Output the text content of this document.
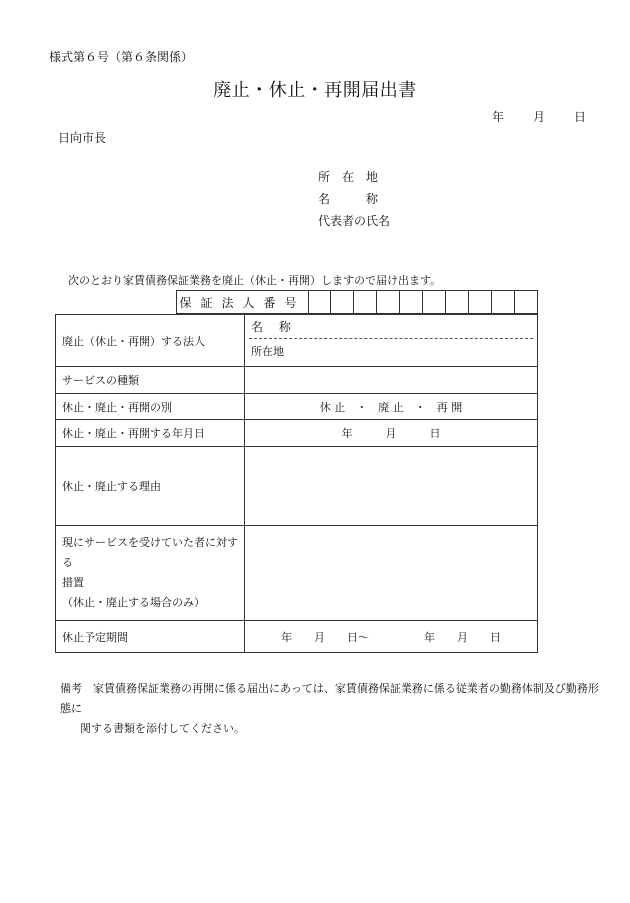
様式第６号（第６条関係）
廃止・休止・再開届出書
年 月 日
日向市長
所　在　地
名　　　称
代表者の氏名
次のとおり家賃債務保証業務を廃止（休止・再開）しますので届け出ます。
保証法人番号
廃止（休止・再開）する法人	名 称
所在地

サービスの種類	
休止・廃止・再開の別	休 止　・　廃 止　・　再 開
休止・廃止・再開する年月日	年　　　月　　　日
休止・廃止する理由	

現にサービスを受けていた者に対する
措置
（休止・廃止する場合のみ）	

休止予定期間	年　　月　　日～　　　　　年　　月　　日
備考　家賃債務保証業務の再開に係る届出にあっては、家賃債務保証業務に係る従業者の勤務体制及び勤務形態に
関する書類を添付してください。
